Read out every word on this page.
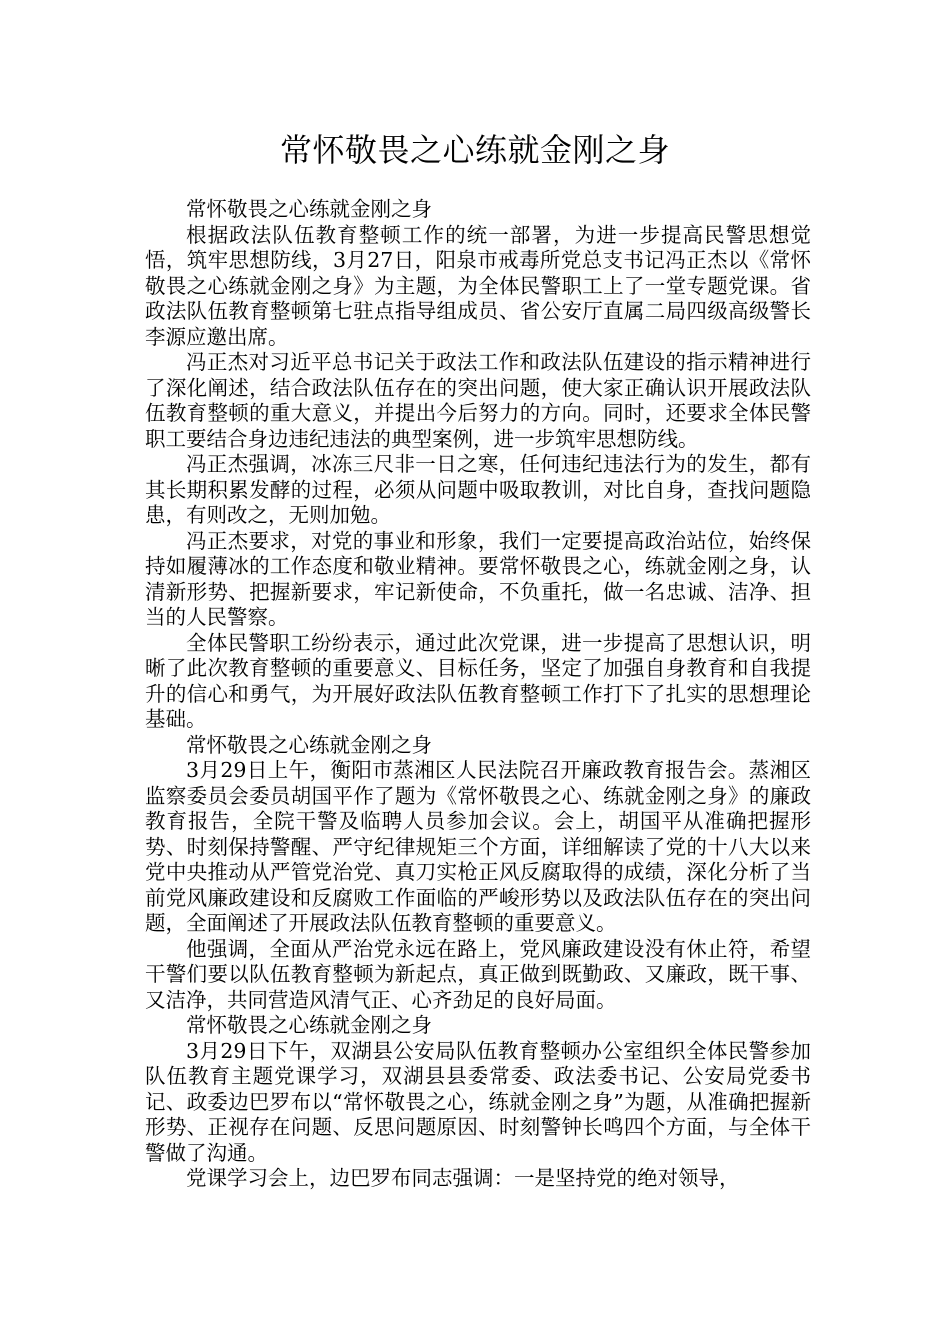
常怀敬畏之心练就金刚之身

常怀敬畏之心练就金刚之身

根据政法队伍教育整顿工作的统一部署，为进一步提高民警思想觉悟，筑牢思想防线，3月27日，阳泉市戒毒所党总支书记冯正杰以《常怀敬畏之心练就金刚之身》为主题，为全体民警职工上了一堂专题党课。省政法队伍教育整顿第七驻点指导组成员、省公安厅直属二局四级高级警长李源应邀出席。

冯正杰对习近平总书记关于政法工作和政法队伍建设的指示精神进行了深化阐述，结合政法队伍存在的突出问题，使大家正确认识开展政法队伍教育整顿的重大意义，并提出今后努力的方向。同时，还要求全体民警职工要结合身边违纪违法的典型案例，进一步筑牢思想防线。

冯正杰强调，冰冻三尺非一日之寒，任何违纪违法行为的发生，都有其长期积累发酵的过程，必须从问题中吸取教训，对比自身，查找问题隐患，有则改之，无则加勉。

冯正杰要求，对党的事业和形象，我们一定要提高政治站位，始终保持如履薄冰的工作态度和敬业精神。要常怀敬畏之心，练就金刚之身，认清新形势、把握新要求，牢记新使命，不负重托，做一名忠诚、洁净、担当的人民警察。

全体民警职工纷纷表示，通过此次党课，进一步提高了思想认识，明晰了此次教育整顿的重要意义、目标任务，坚定了加强自身教育和自我提升的信心和勇气，为开展好政法队伍教育整顿工作打下了扎实的思想理论基础。

常怀敬畏之心练就金刚之身

3月29日上午，衡阳市蒸湘区人民法院召开廉政教育报告会。蒸湘区监察委员会委员胡国平作了题为《常怀敬畏之心、练就金刚之身》的廉政教育报告，全院干警及临聘人员参加会议。会上，胡国平从准确把握形势、时刻保持警醒、严守纪律规矩三个方面，详细解读了党的十八大以来党中央推动从严管党治党、真刀实枪正风反腐取得的成绩，深化分析了当前党风廉政建设和反腐败工作面临的严峻形势以及政法队伍存在的突出问题，全面阐述了开展政法队伍教育整顿的重要意义。

他强调，全面从严治党永远在路上，党风廉政建设没有休止符，希望干警们要以队伍教育整顿为新起点，真正做到既勤政、又廉政，既干事、又洁净，共同营造风清气正、心齐劲足的良好局面。

常怀敬畏之心练就金刚之身

3月29日下午，双湖县公安局队伍教育整顿办公室组织全体民警参加队伍教育主题党课学习，双湖县县委常委、政法委书记、公安局党委书记、政委边巴罗布以“常怀敬畏之心，练就金刚之身”为题，从准确把握新形势、正视存在问题、反思问题原因、时刻警钟长鸣四个方面，与全体干警做了沟通。

党课学习会上，边巴罗布同志强调：一是坚持党的绝对领导，
